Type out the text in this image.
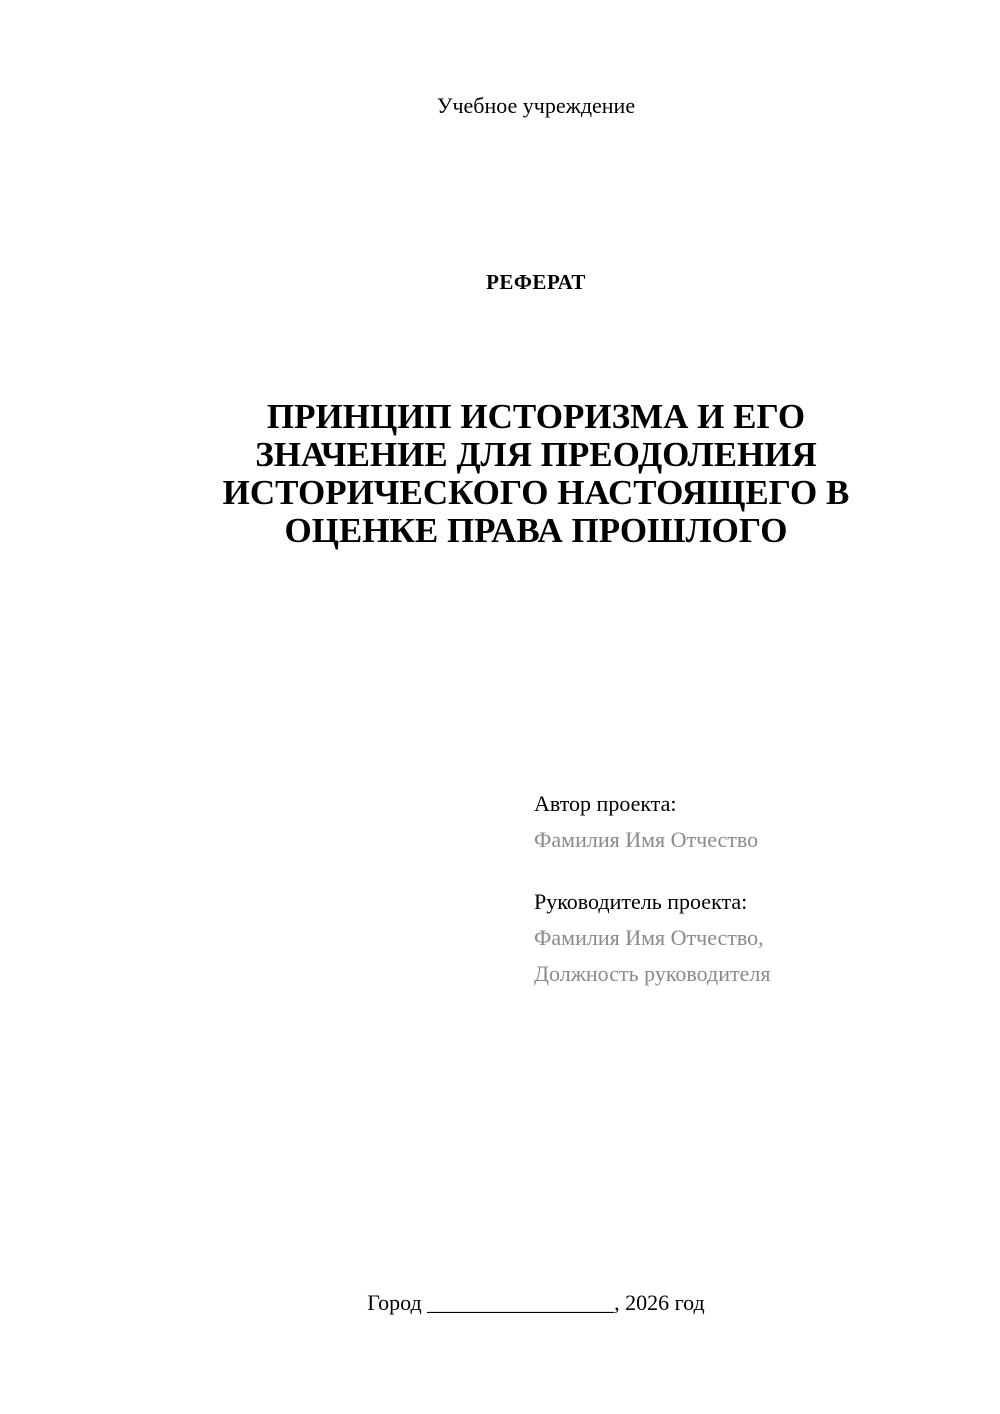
Учебное учреждение
РЕФЕРАТ
ПРИНЦИП ИСТОРИЗМА И ЕГО
ЗНАЧЕНИЕ ДЛЯ ПРЕОДОЛЕНИЯ
ИСТОРИЧЕСКОГО НАСТОЯЩЕГО В
ОЦЕНКЕ ПРАВА ПРОШЛОГО
Автор проекта:
Фамилия Имя Отчество
Руководитель проекта:
Фамилия Имя Отчество,
Должность руководителя
Город _________________, 2026 год
